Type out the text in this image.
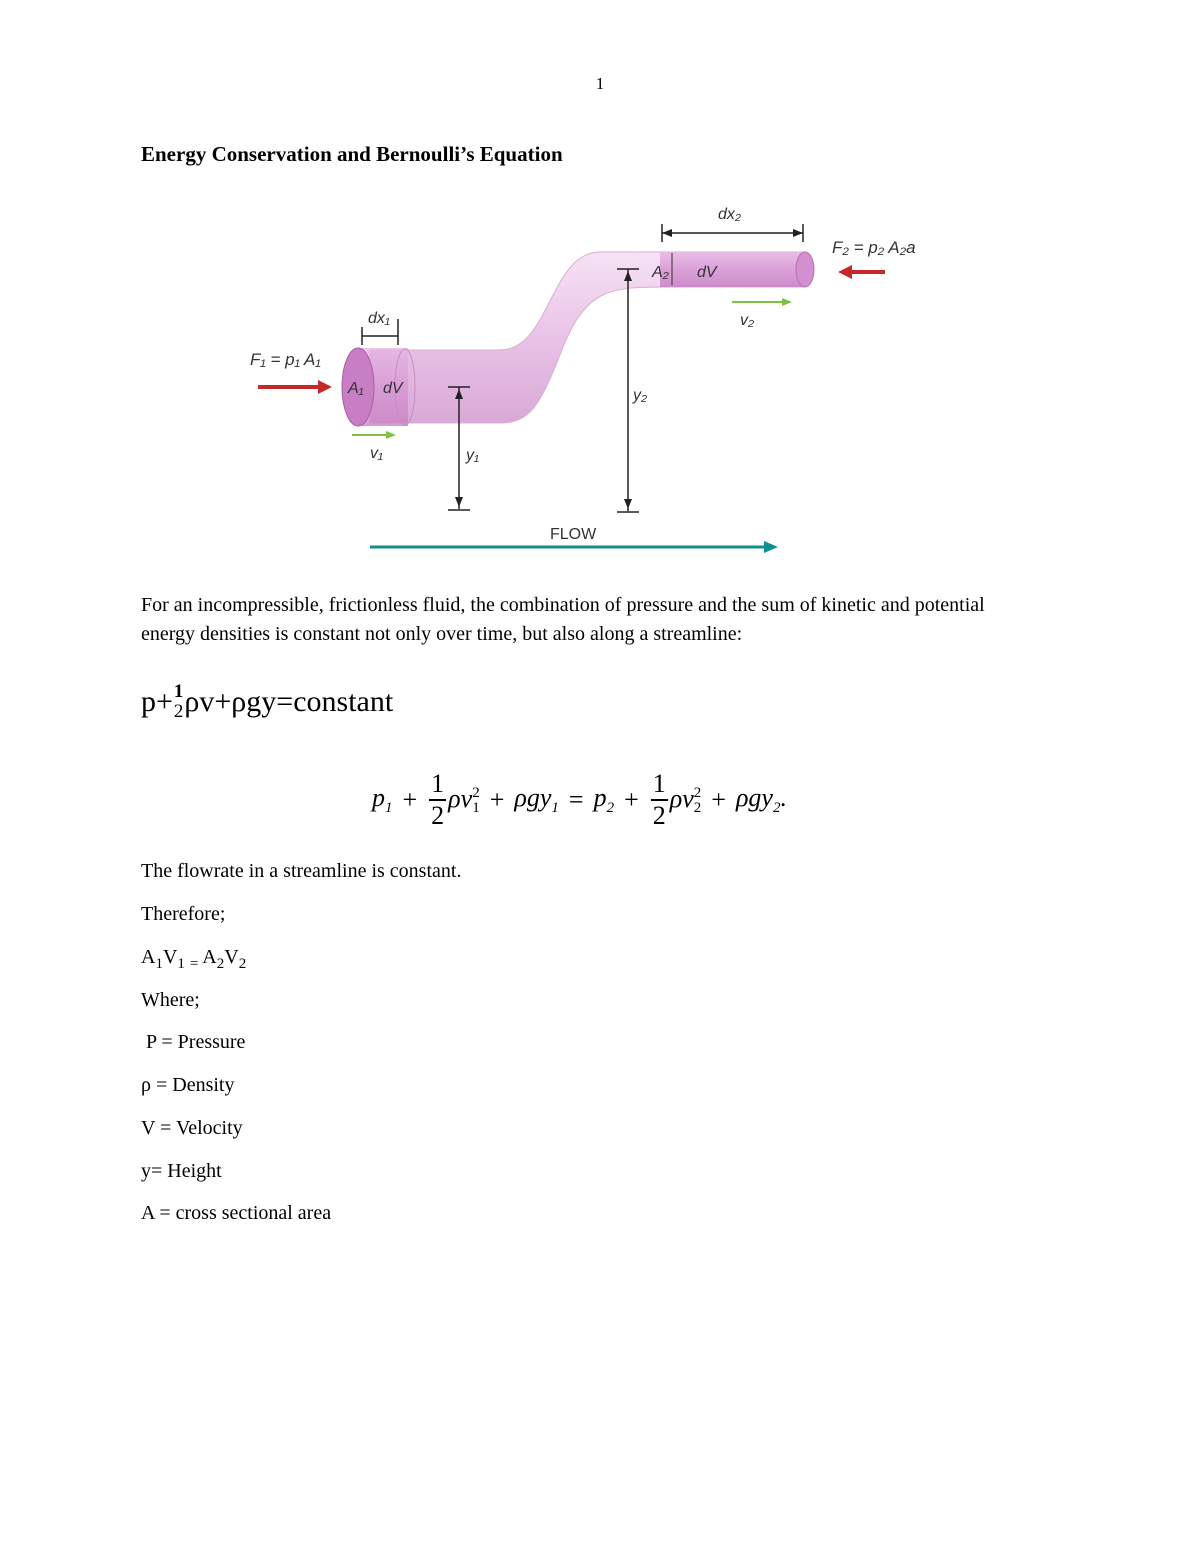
1
Energy Conservation and Bernoulli’s Equation
dx₂
dx₁
F₁ = p₁ A₁
F₂ = p₂ A₂a
A₁ dV
A₂ dV
v₁
v₂
y₁
y₂
FLOW

For an incompressible, frictionless fluid, the combination of pressure and the sum of kinetic and potential energy densities is constant not only over time, but also along a streamline:

p+ 1
2 ρv+ρgy=constant
$p_1 + \frac{1}{2}$ ρv 2
$1 + \rho gy_1 = p_2 + \frac{1}{2}$ ρv 2
2 + ρgy$_2$.

The flowrate in a streamline is constant.

Therefore;

$A_1V_1$ $_=$ $A_2V_2$

Where;

P = Pressure

ρ = Density

V = Velocity

y= Height

A = cross sectional area
